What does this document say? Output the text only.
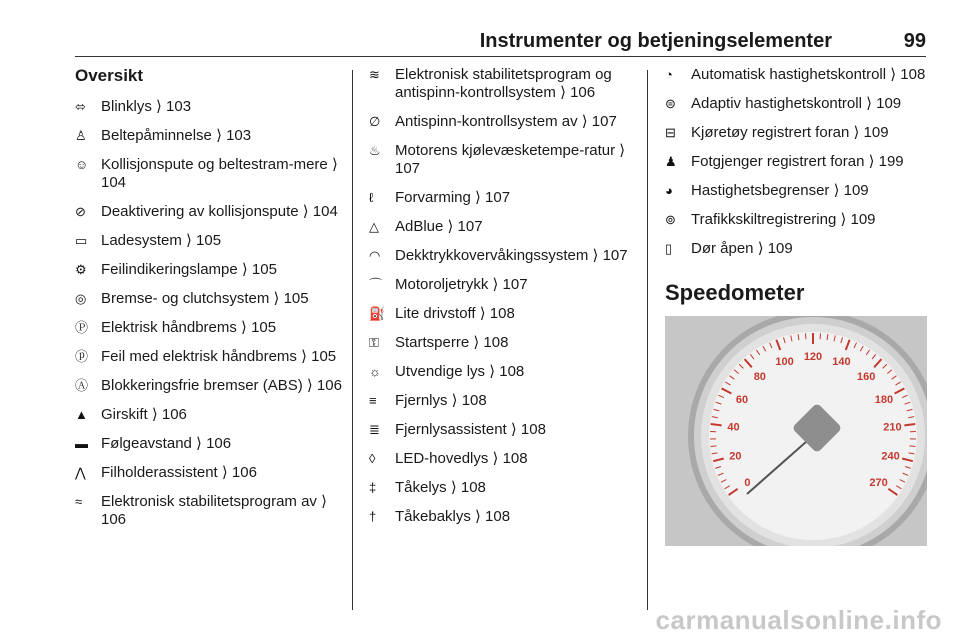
Instrumenter og betjeningselementer	99
Oversikt
⬄	Blinklys ⟩ 103
♙ Beltepåminnelse ⟩ 103
☺ Kollisjonspute og beltestram-mere ⟩ 104
⊘	Deaktivering av kollisjonspute ⟩ 104
▭ Ladesystem ⟩ 105
⚙ Feilindikeringslampe ⟩ 105
◎ Bremse- og clutchsystem ⟩ 105
Ⓟ Elektrisk håndbrems ⟩ 105
ⓟ Feil med elektrisk håndbrems ⟩ 105
Ⓐ Blokkeringsfrie bremser (ABS) ⟩ 106
▲ Girskift ⟩ 106
▬ Følgeavstand ⟩ 106
⋀	Filholderassistent ⟩ 106
≈	Elektronisk stabilitetsprogram av ⟩ 106
≋	Elektronisk stabilitetsprogram og antispinn-kontrollsystem ⟩ 106
∅ Antispinn-kontrollsystem av ⟩ 107
♨ Motorens kjølevæsketempe-ratur ⟩ 107
ℓ	Forvarming ⟩ 107
△	AdBlue ⟩ 107
◠ Dekktrykkovervåkingssystem ⟩ 107
⌒ Motoroljetrykk ⟩ 107
⛽ Lite drivstoff ⟩ 108
⚿	Startsperre ⟩ 108
☼ Utvendige lys ⟩ 108
≡	Fjernlys ⟩ 108
≣	Fjernlysassistent ⟩ 108
◊	LED-hovedlys ⟩ 108
‡	Tåkelys ⟩ 108
†	Tåkebaklys ⟩ 108
◔	Automatisk hastighetskontroll ⟩ 108
⊜	Adaptiv hastighetskontroll ⟩ 109
⊟	Kjøretøy registrert foran ⟩ 109
♟ Fotgjenger registrert foran ⟩ 199
◕	Hastighetsbegrenser ⟩ 109
⊚	Trafikkskiltregistrering ⟩ 109
▯	Dør åpen ⟩ 109
Speedometer
0
20
40
60
80
100 120 140
160
180
210
240
270
carmanualsonline.info
